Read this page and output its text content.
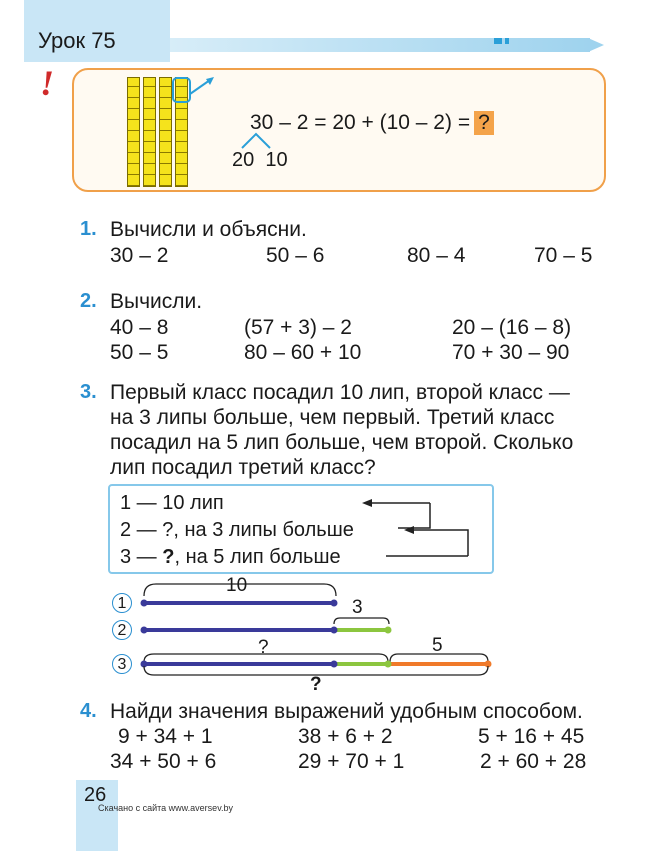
Урок 75
!
30 – 2 = 20 + (10 – 2) = ?
20 10
1. Вычисли и объясни.
30 – 2	50 – 6	80 – 4	70 – 5
2. Вычисли.
40 – 8	(57 + 3) – 2	20 – (16 – 8)
50 – 5	80 – 60 + 10	70 + 30 – 90
3. Первый класс посадил 10 лип, второй класс —
на 3 липы больше, чем первый. Третий класс
посадил на 5 лип больше, чем второй. Сколько
лип посадил третий класс?
1 — 10 лип
2 — ?, на 3 липы больше
3 — ?, на 5 лип больше
1
2
3
10
3
?	5
?
4. Найди значения выражений удобным способом.
9 + 34 + 1	38 + 6 + 2	5 + 16 + 45
34 + 50 + 6	29 + 70 + 1	2 + 60 + 28
26
Скачано с сайта www.aversev.by
